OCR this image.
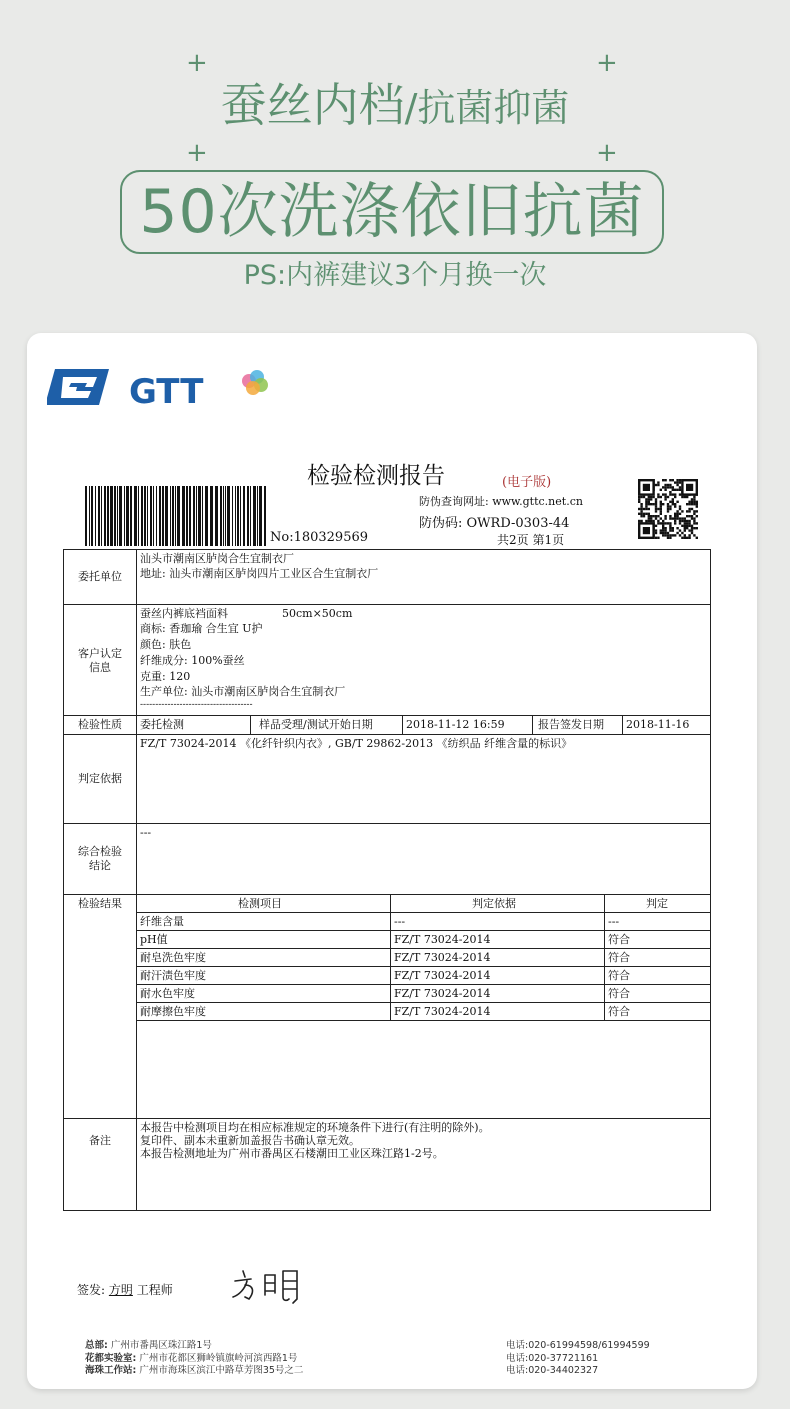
+	+
+	+
蚕丝内档/抗菌抑菌
50次洗涤依旧抗菌
PS:内裤建议3个月换一次
GTT
检验检测报告	(电子版)
No:180329569
防伪查询网址: www.gttc.net.cn
防伪码: OWRD-0303-44
共2页 第1页
委托单位
汕头市潮南区胪岗合生宜制衣厂
地址: 汕头市潮南区胪岗四片工业区合生宜制衣厂
客户认定
信息
蚕丝内裤底裆面料	50cm×50cm
商标: 香珈瑜 合生宜 U护
颜色: 肤色
纤维成分: 100%蚕丝
克重: 120
生产单位: 汕头市潮南区胪岗合生宜制衣厂
-------------------------------------
检验性质	委托检测	样品受理/测试开始日期	2018-11-12 16:59	报告签发日期 2018-11-16
判定依据
FZ/T 73024-2014 《化纤针织内衣》, GB/T 29862-2013 《纺织品 纤维含量的标识》
综合检验
结论
---
检验结果	检测项目	判定依据	判定
纤维含量	---	---
pH值	FZ/T 73024-2014	符合
耐皂洗色牢度	FZ/T 73024-2014	符合
耐汗渍色牢度	FZ/T 73024-2014	符合
耐水色牢度	FZ/T 73024-2014	符合
耐摩擦色牢度	FZ/T 73024-2014	符合
备注
本报告中检测项目均在相应标准规定的环境条件下进行(有注明的除外)。
复印件、副本未重新加盖报告书确认章无效。
本报告检测地址为广州市番禺区石楼潮田工业区珠江路1-2号。
签发: 方明 工程师
总部: 广州市番禺区珠江路1号
花都实验室: 广州市花都区狮岭镇旗岭河滨西路1号
海珠工作站: 广州市海珠区滨江中路草芳图35号之二
电话:020-61994598/61994599
电话:020-37721161
电话:020-34402327
